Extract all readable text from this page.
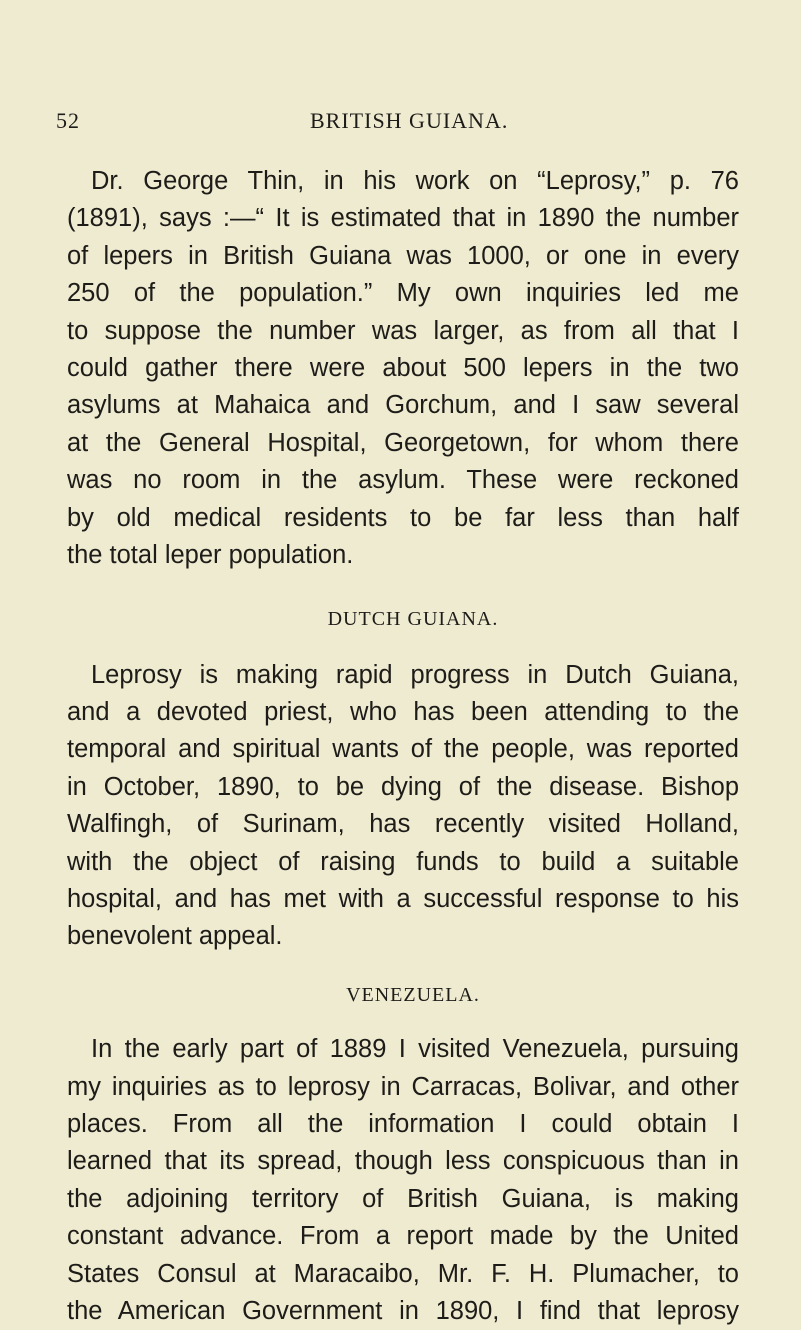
52	BRITISH GUIANA.
Dr. George Thin, in his work on “Leprosy,” p. 76
(1891), says :—“ It is estimated that in 1890 the number
of lepers in British Guiana was 1000, or one in every
250 of the population.” My own inquiries led me
to suppose the number was larger, as from all that I
could gather there were about 500 lepers in the two
asylums at Mahaica and Gorchum, and I saw several
at the General Hospital, Georgetown, for whom there
was no room in the asylum. These were reckoned
by old medical residents to be far less than half
the total leper population.
DUTCH GUIANA.
Leprosy is making rapid progress in Dutch Guiana,
and a devoted priest, who has been attending to the
temporal and spiritual wants of the people, was reported
in October, 1890, to be dying of the disease. Bishop
Walfingh, of Surinam, has recently visited Holland,
with the object of raising funds to build a suitable
hospital, and has met with a successful response to his
benevolent appeal.
VENEZUELA.
In the early part of 1889 I visited Venezuela, pursuing
my inquiries as to leprosy in Carracas, Bolivar, and other
places. From all the information I could obtain I
learned that its spread, though less conspicuous than in
the adjoining territory of British Guiana, is making
constant advance. From a report made by the United
States Consul at Maracaibo, Mr. F. H. Plumacher, to
the American Government in 1890, I find that leprosy
